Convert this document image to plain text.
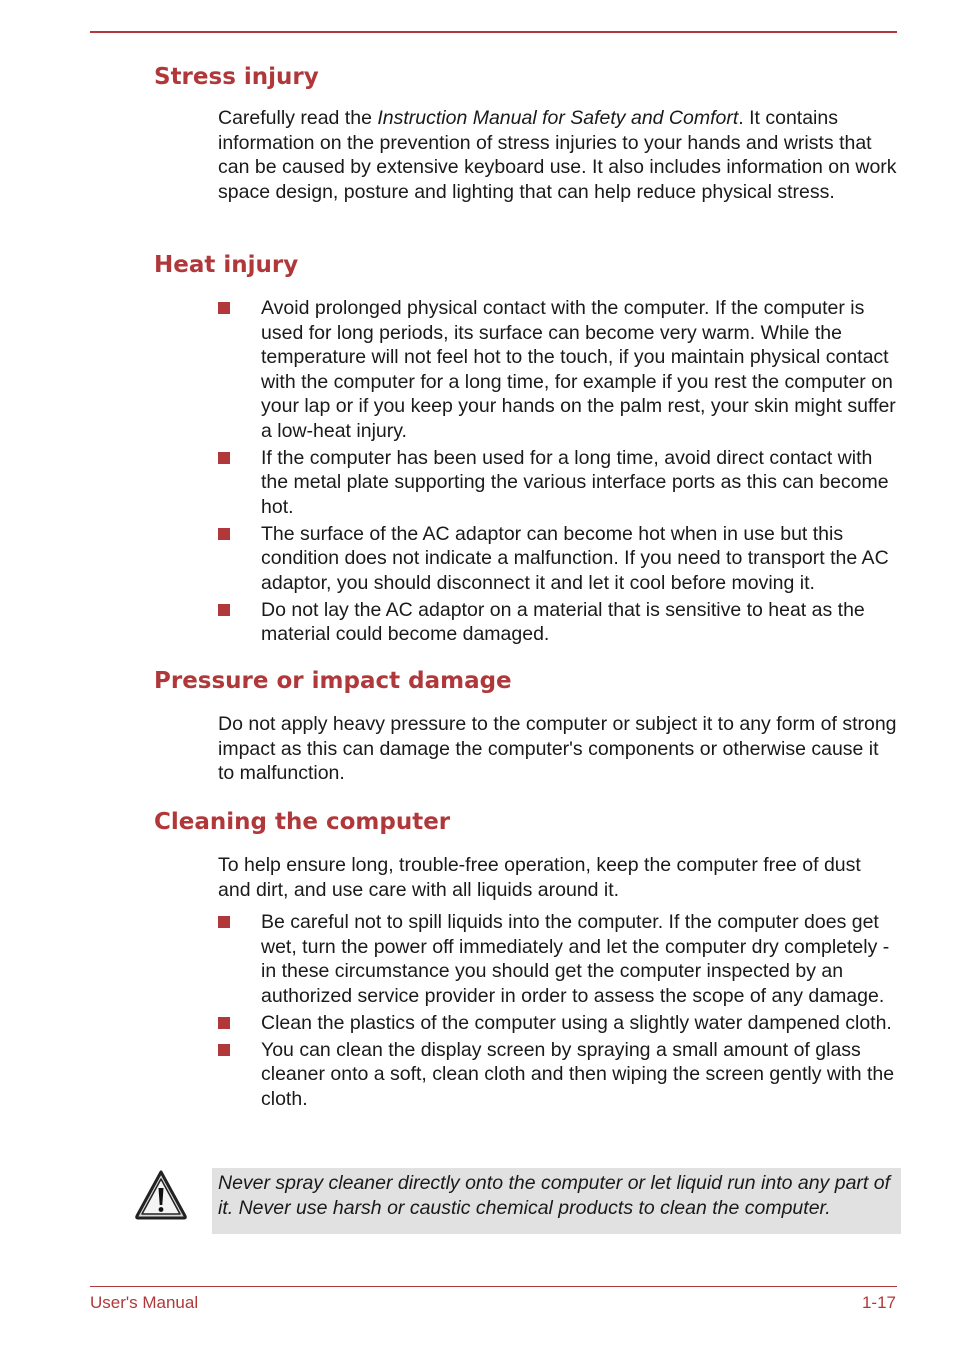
Stress injury

Carefully read the Instruction Manual for Safety and Comfort. It contains information on the prevention of stress injuries to your hands and wrists that can be caused by extensive keyboard use. It also includes information on work space design, posture and lighting that can help reduce physical stress.

Heat injury
Avoid prolonged physical contact with the computer. If the computer is used for long periods, its surface can become very warm. While the temperature will not feel hot to the touch, if you maintain physical contact with the computer for a long time, for example if you rest the computer on your lap or if you keep your hands on the palm rest, your skin might suffer a low-heat injury.
If the computer has been used for a long time, avoid direct contact with the metal plate supporting the various interface ports as this can become hot.
The surface of the AC adaptor can become hot when in use but this condition does not indicate a malfunction. If you need to transport the AC adaptor, you should disconnect it and let it cool before moving it.
Do not lay the AC adaptor on a material that is sensitive to heat as the material could become damaged.
Pressure or impact damage

Do not apply heavy pressure to the computer or subject it to any form of strong impact as this can damage the computer's components or otherwise cause it to malfunction.

Cleaning the computer

To help ensure long, trouble-free operation, keep the computer free of dust and dirt, and use care with all liquids around it.

Be careful not to spill liquids into the computer. If the computer does get wet, turn the power off immediately and let the computer dry completely - in these circumstance you should get the computer inspected by an authorized service provider in order to assess the scope of any damage.
Clean the plastics of the computer using a slightly water dampened cloth.
You can clean the display screen by spraying a small amount of glass cleaner onto a soft, clean cloth and then wiping the screen gently with the cloth.
Never spray cleaner directly onto the computer or let liquid run into any part of it. Never use harsh or caustic chemical products to clean the computer.
User's Manual	1-17
